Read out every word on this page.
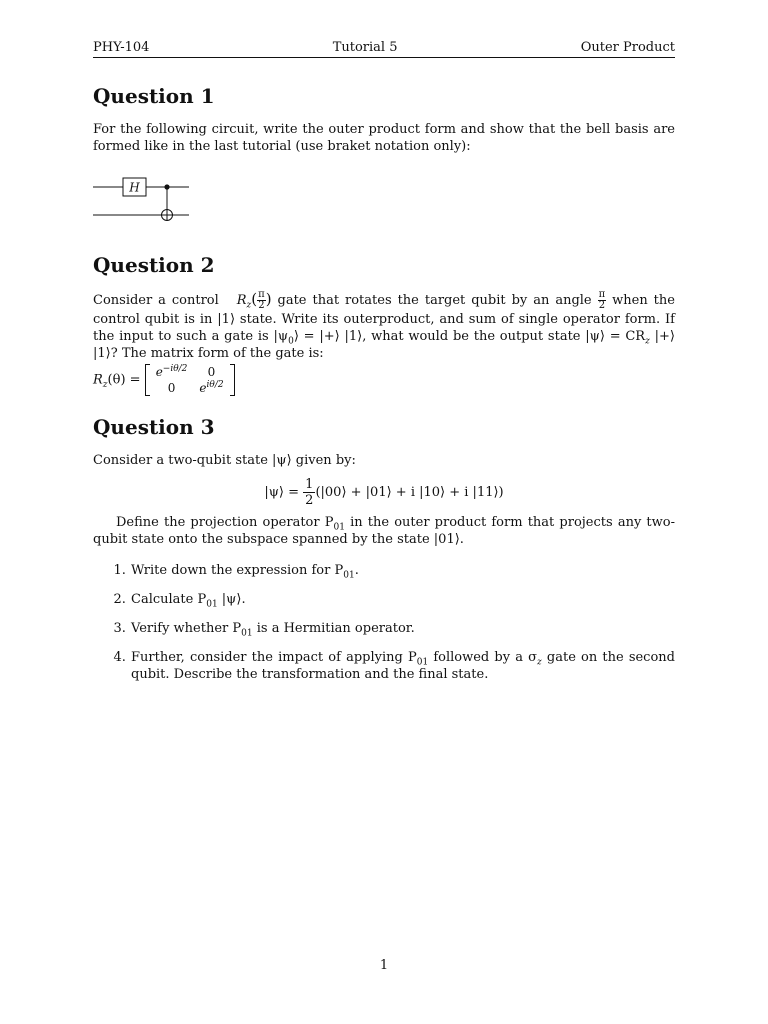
PHY-104	Tutorial 5	Outer Product
Question 1

For the following circuit, write the outer product form and show that the bell basis are formed like in the last tutorial (use braket notation only):

H
Question 2

Consider a control $R_z( \frac{\pi}{2}$ ) gate that rotates the target qubit by an angle $\frac{\pi}{2}$ when the control qubit is in |1⟩ state. Write its outerproduct, and sum of single operator form. If the input to such a gate is $|\psi_0⟩$ = |+⟩ |1⟩, what would be the output state |ψ⟩ = $CR_z$ |+⟩ |1⟩? The matrix form of the gate is:

$R_z(\theta)$ =
$e^{-i\theta/2}$	0
0	$e^{i\theta/2}$
Question 3

Consider a two-qubit state |ψ⟩ given by:

|ψ⟩ = $\frac{1}{2}$ (|00⟩ + |01⟩ + i |10⟩ + i |11⟩)

Define the projection operator $P_{01}$ in the outer product form that projects any two-qubit state onto the subspace spanned by the state |01⟩.

1. Write down the expression for $P_{01}$.
2. Calculate $P_{01}$ |ψ⟩.
3. Verify whether $P_{01}$ is a Hermitian operator.
4. Further, consider the impact of applying $P_{01}$ followed by a $\sigma_z$ gate on the second qubit. Describe the transformation and the final state.
1
